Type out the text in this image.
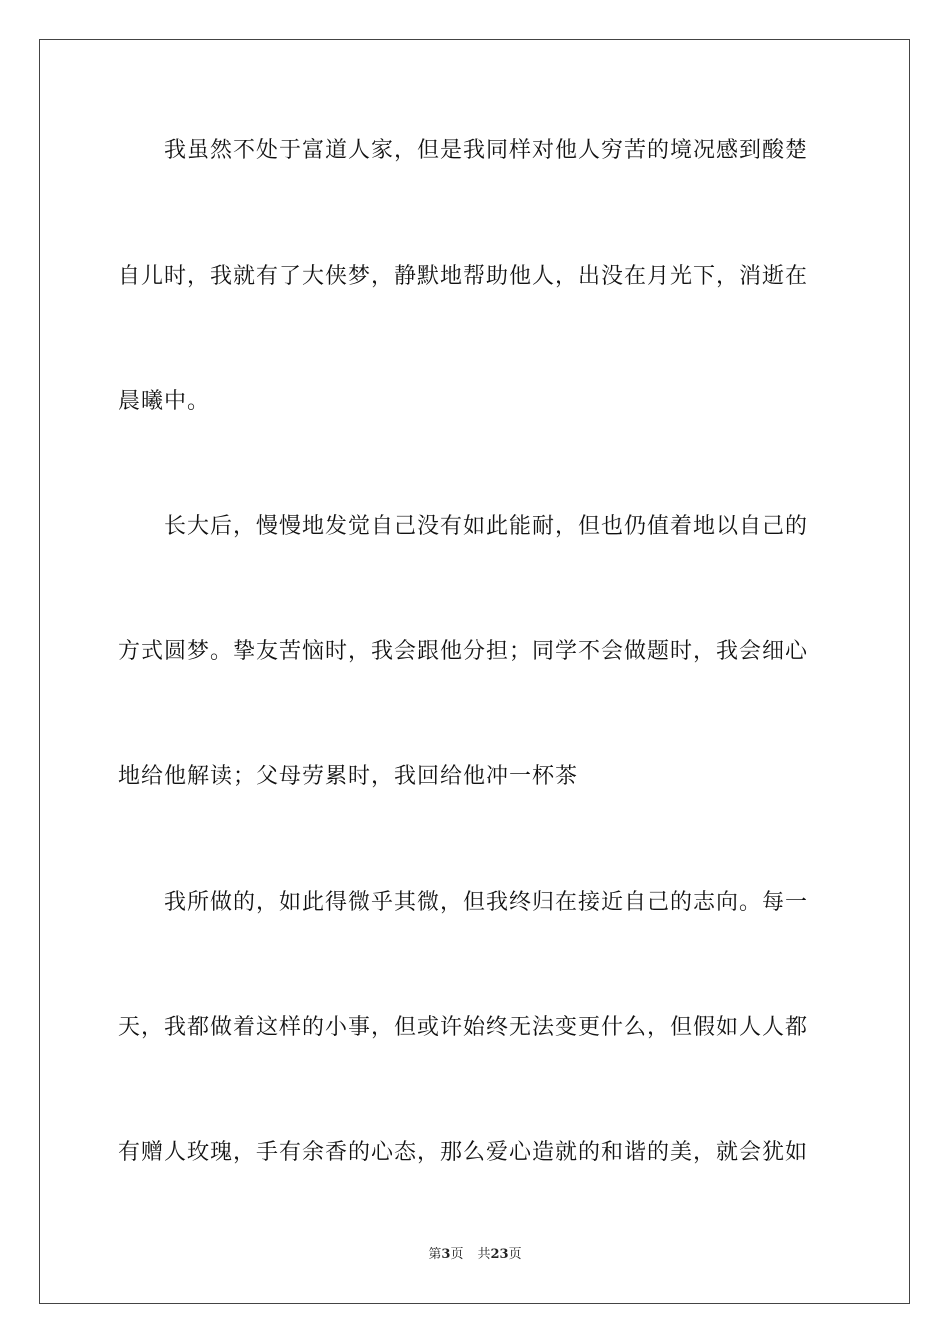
我虽然不处于富道人家，但是我同样对他人穷苦的境况感到酸楚
自儿时，我就有了大侠梦，静默地帮助他人，出没在月光下，消逝在
晨曦中。
长大后，慢慢地发觉自己没有如此能耐，但也仍值着地以自己的
方式圆梦。挚友苦恼时，我会跟他分担；同学不会做题时，我会细心
地给他解读；父母劳累时，我回给他冲一杯茶
我所做的，如此得微乎其微，但我终归在接近自己的志向。每一
天，我都做着这样的小事，但或许始终无法变更什么，但假如人人都
有赠人玫瑰，手有余香的心态，那么爱心造就的和谐的美，就会犹如
第3页 共23页
